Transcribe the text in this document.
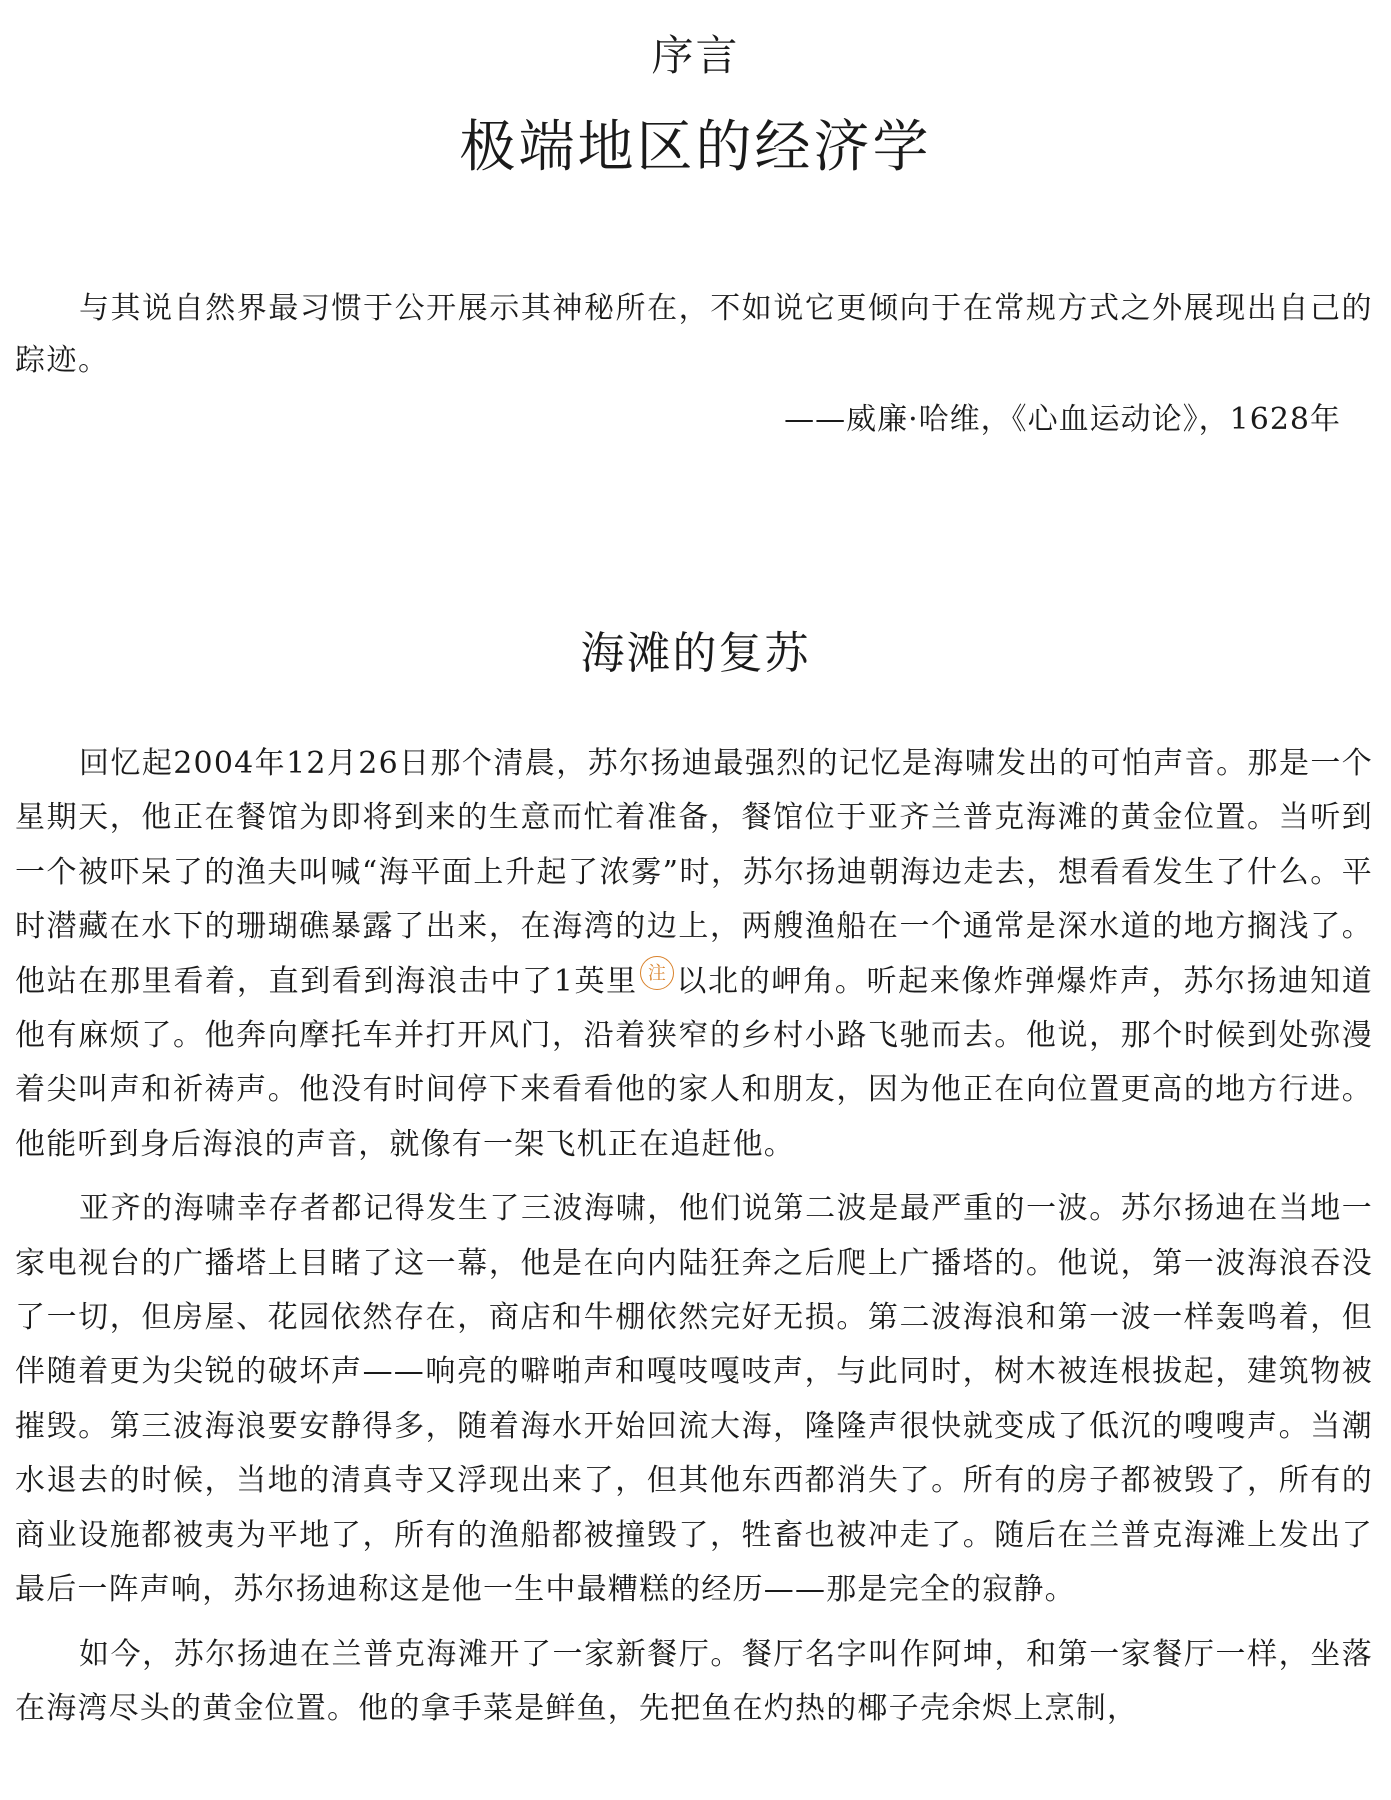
序言
极端地区的经济学
与其说自然界最习惯于公开展示其神秘所在，不如说它更倾向于在常规方式之外展现出自己的踪迹。
——威廉·哈维，《心血运动论》，1628年
海滩的复苏

回忆起2004年12月26日那个清晨，苏尔扬迪最强烈的记忆是海啸发出的可怕声音。那是一个星期天，他正在餐馆为即将到来的生意而忙着准备，餐馆位于亚齐兰普克海滩的黄金位置。当听到一个被吓呆了的渔夫叫喊“海平面上升起了浓雾”时，苏尔扬迪朝海边走去，想看看发生了什么。平时潜藏在水下的珊瑚礁暴露了出来，在海湾的边上，两艘渔船在一个通常是深水道的地方搁浅了。他站在那里看着，直到看到海浪击中了1英里 注 以北的岬角。听起来像炸弹爆炸声，苏尔扬迪知道他有麻烦了。他奔向摩托车并打开风门，沿着狭窄的乡村小路飞驰而去。他说，那个时候到处弥漫着尖叫声和祈祷声。他没有时间停下来看看他的家人和朋友，因为他正在向位置更高的地方行进。他能听到身后海浪的声音，就像有一架飞机正在追赶他。

亚齐的海啸幸存者都记得发生了三波海啸，他们说第二波是最严重的一波。苏尔扬迪在当地一家电视台的广播塔上目睹了这一幕，他是在向内陆狂奔之后爬上广播塔的。他说，第一波海浪吞没了一切，但房屋、花园依然存在，商店和牛棚依然完好无损。第二波海浪和第一波一样轰鸣着，但伴随着更为尖锐的破坏声——响亮的噼啪声和嘎吱嘎吱声，与此同时，树木被连根拔起，建筑物被摧毁。第三波海浪要安静得多，随着海水开始回流大海，隆隆声很快就变成了低沉的嗖嗖声。当潮水退去的时候，当地的清真寺又浮现出来了，但其他东西都消失了。所有的房子都被毁了，所有的商业设施都被夷为平地了，所有的渔船都被撞毁了，牲畜也被冲走了。随后在兰普克海滩上发出了最后一阵声响，苏尔扬迪称这是他一生中最糟糕的经历——那是完全的寂静。

如今，苏尔扬迪在兰普克海滩开了一家新餐厅。餐厅名字叫作阿坤，和第一家餐厅一样，坐落在海湾尽头的黄金位置。他的拿手菜是鲜鱼，先把鱼在灼热的椰子壳余烬上烹制，
